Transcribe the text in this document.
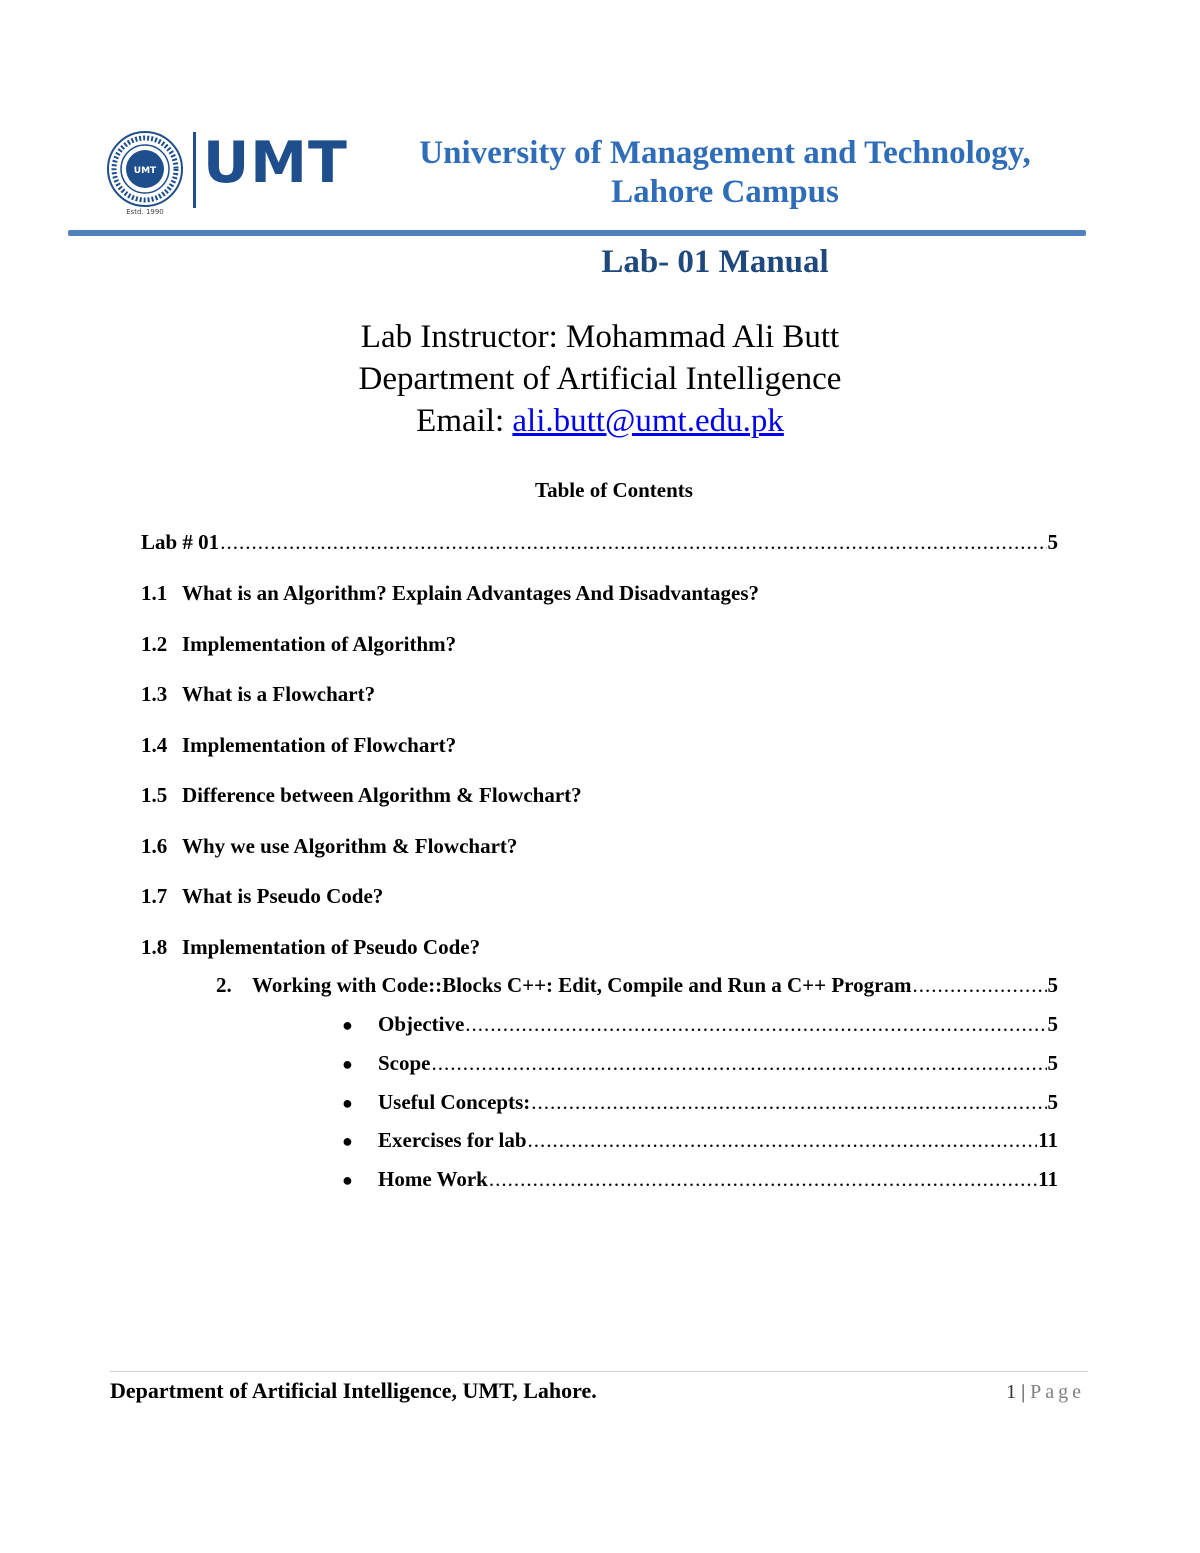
UMT
Estd. 1990
UMT	University of Management and Technology,
Lahore Campus
Lab- 01 Manual
Lab Instructor: Mohammad Ali Butt
Department of Artificial Intelligence
Email: ali.butt@umt.edu.pk
Table of Contents
Lab # 01 .....	5
1.1 What is an Algorithm? Explain Advantages And Disadvantages?
1.2 Implementation of Algorithm?
1.3 What is a Flowchart?
1.4 Implementation of Flowchart?
1.5 Difference between Algorithm & Flowchart?
1.6 Why we use Algorithm & Flowchart?
1.7 What is Pseudo Code?
1.8 Implementation of Pseudo Code?
2. Working with Code::Blocks C++: Edit, Compile and Run a C++ Program .....	5
●	Objective .....	5
●	Scope .....	5
●	Useful Concepts: .....	5
●	Exercises for lab .....	11
●	Home Work .....	11
Department of Artificial Intelligence, UMT, Lahore.	1 | Page
